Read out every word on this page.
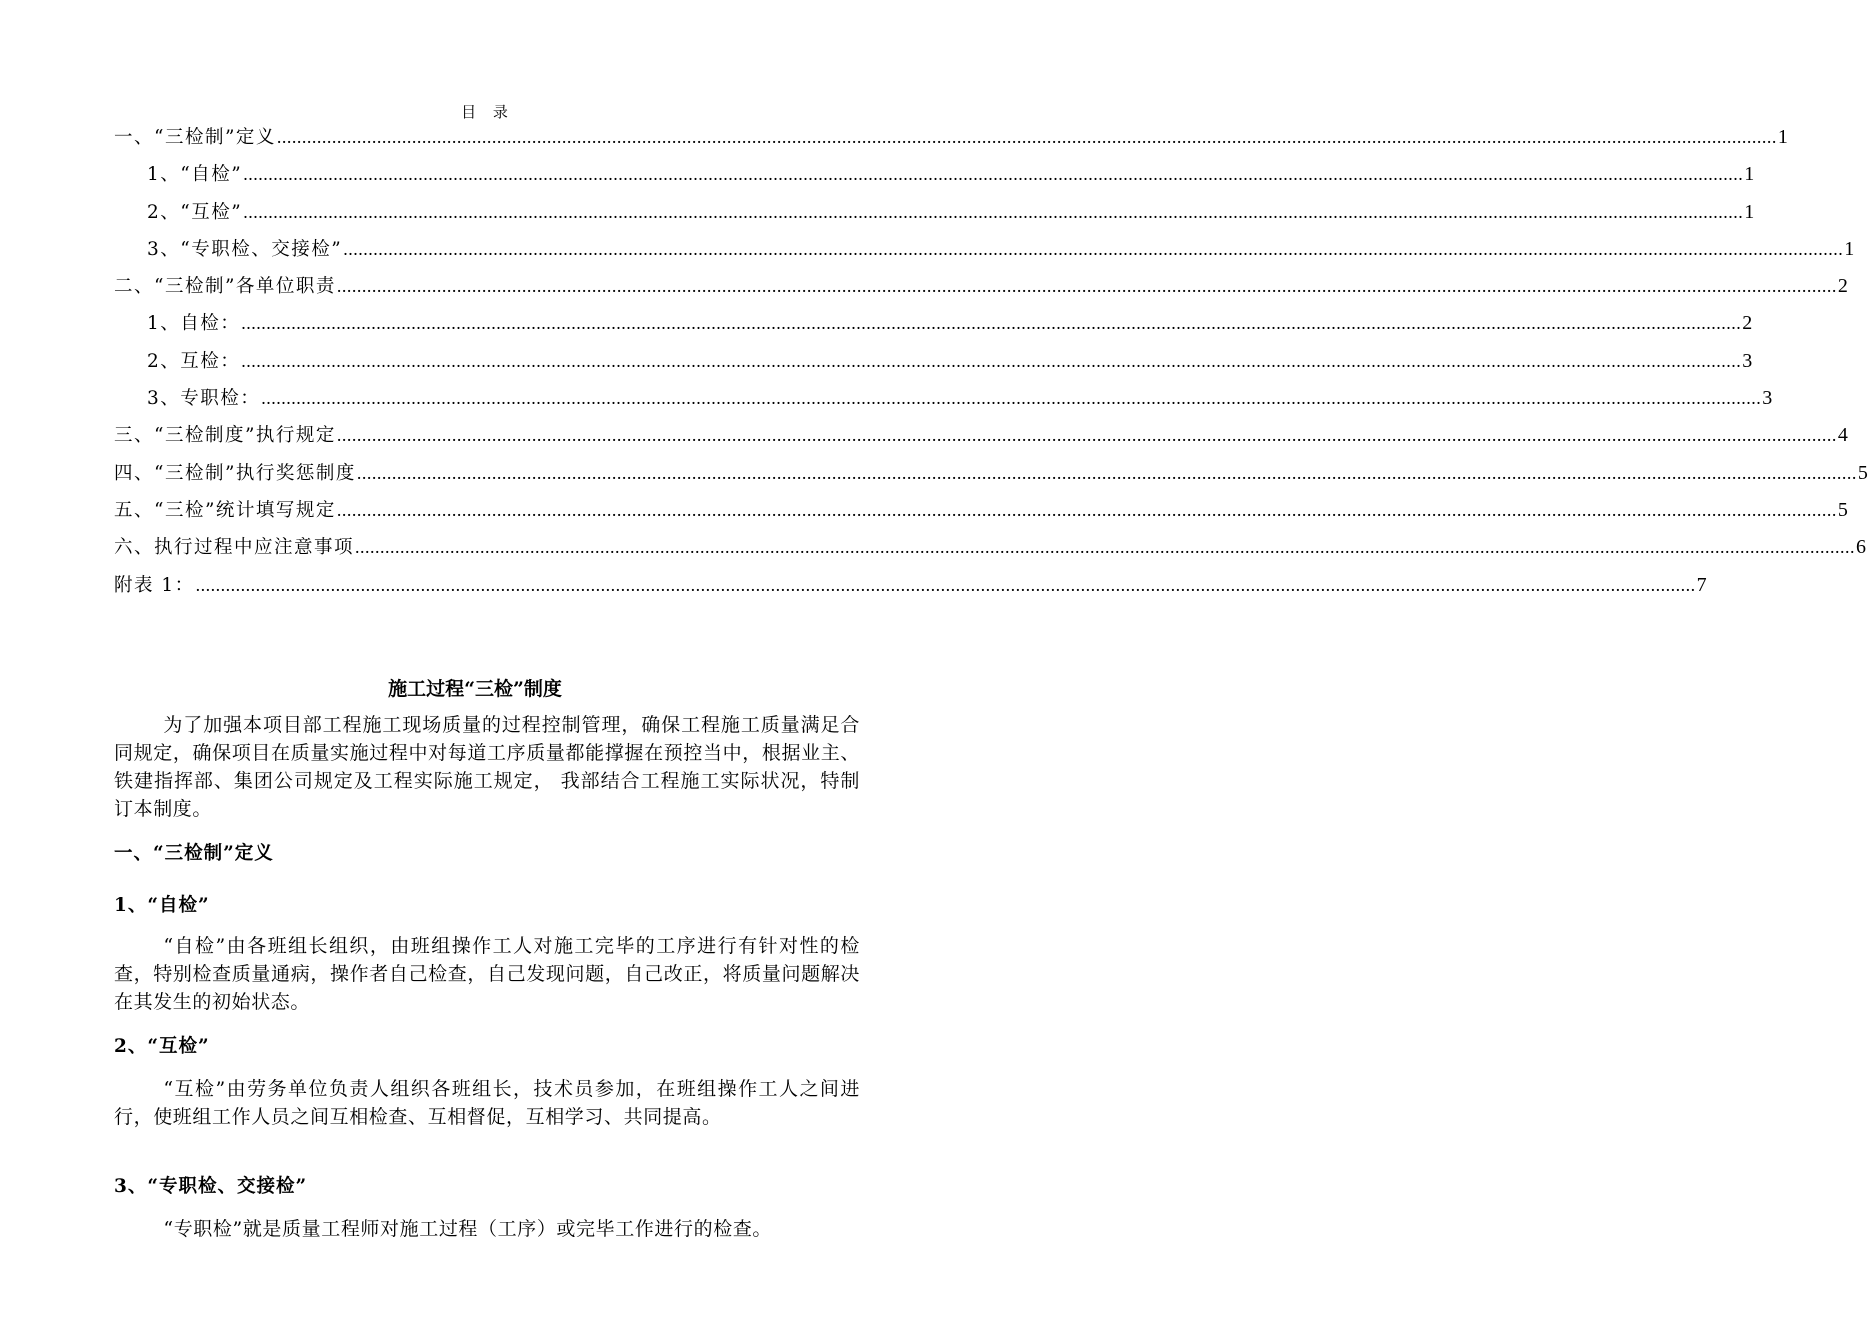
目 录
一、“三检制”定义 ............................................................................................................................................................................................................................................................................................................ 1
1、“自检” ............................................................................................................................................................................................................................................................................................................ 1
2、“互检” ............................................................................................................................................................................................................................................................................................................ 1
3、“专职检、交接检” ............................................................................................................................................................................................................................................................................................................ 1
二、“三检制”各单位职责 ............................................................................................................................................................................................................................................................................................................ 2
1、自检： ............................................................................................................................................................................................................................................................................................................ 2
2、互检： ............................................................................................................................................................................................................................................................................................................ 3
3、专职检： ............................................................................................................................................................................................................................................................................................................ 3
三、“三检制度”执行规定 ............................................................................................................................................................................................................................................................................................................ 4
四、“三检制”执行奖惩制度 ............................................................................................................................................................................................................................................................................................................ 5
五、“三检”统计填写规定 ............................................................................................................................................................................................................................................................................................................ 5
六、执行过程中应注意事项 ............................................................................................................................................................................................................................................................................................................ 6
附表 1： ............................................................................................................................................................................................................................................................................................................ 7
施工过程“三检”制度

为了加强本项目部工程施工现场质量的过程控制管理，确保工程施工质量满足合同规定，确保项目在质量实施过程中对每道工序质量都能撑握在预控当中，根据业主、铁建指挥部、集团公司规定及工程实际施工规定， 我部结合工程施工实际状况，特制订本制度。

一、“三检制”定义
1、“自检”

“自检”由各班组长组织，由班组操作工人对施工完毕的工序进行有针对性的检查，特别检查质量通病，操作者自己检查，自己发现问题，自己改正，将质量问题解决在其发生的初始状态。

2、“互检”

“互检”由劳务单位负责人组织各班组长，技术员参加，在班组操作工人之间进行，使班组工作人员之间互相检查、互相督促，互相学习、共同提高。

3、“专职检、交接检”

“专职检”就是质量工程师对施工过程（工序）或完毕工作进行的检查。
